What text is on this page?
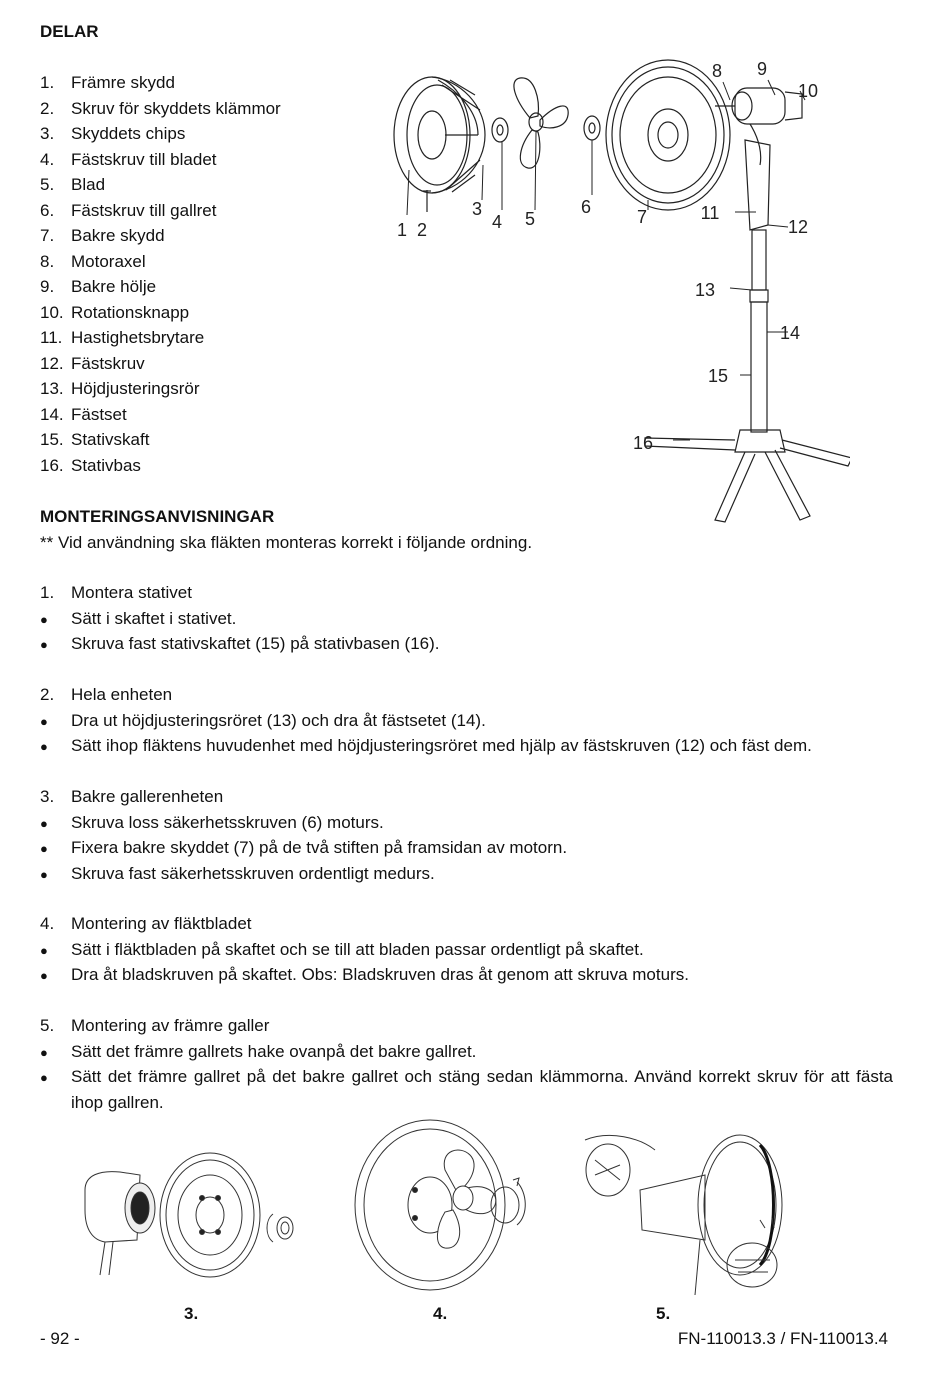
DELAR
1. Främre skydd
2. Skruv för skyddets klämmor
3. Skyddets chips
4. Fästskruv till bladet
5. Blad
6. Fästskruv till gallret
7. Bakre skydd
8. Motoraxel
9. Bakre hölje
10. Rotationsknapp
11. Hastighetsbrytare
12. Fästskruv
13. Höjdjusteringsrör
14. Fästset
15. Stativskaft
16. Stativbas
1 2
3
4 5
6	7
8 9
10
11
12
13
14
15
16
MONTERINGSANVISNINGAR
** Vid användning ska fläkten monteras korrekt i följande ordning.
1. Montera stativet
● Sätt i skaftet i stativet.
● Skruva fast stativskaftet (15) på stativbasen (16).
2. Hela enheten
● Dra ut höjdjusteringsröret (13) och dra åt fästsetet (14).
● Sätt ihop fläktens huvudenhet med höjdjusteringsröret med hjälp av fästskruven (12) och fäst dem.
3. Bakre gallerenheten
● Skruva loss säkerhetsskruven (6) moturs.
● Fixera bakre skyddet (7) på de två stiften på framsidan av motorn.
● Skruva fast säkerhetsskruven ordentligt medurs.
4. Montering av fläktbladet
● Sätt i fläktbladen på skaftet och se till att bladen passar ordentligt på skaftet.
● Dra åt bladskruven på skaftet. Obs: Bladskruven dras åt genom att skruva moturs.
5. Montering av främre galler
● Sätt det främre gallrets hake ovanpå det bakre gallret.
● Sätt det främre gallret på det bakre gallret och stäng sedan klämmorna. Använd korrekt skruv för att fästa ihop gallren.
3.	4.	5.
- 92 -	FN-110013.3 / FN-110013.4
